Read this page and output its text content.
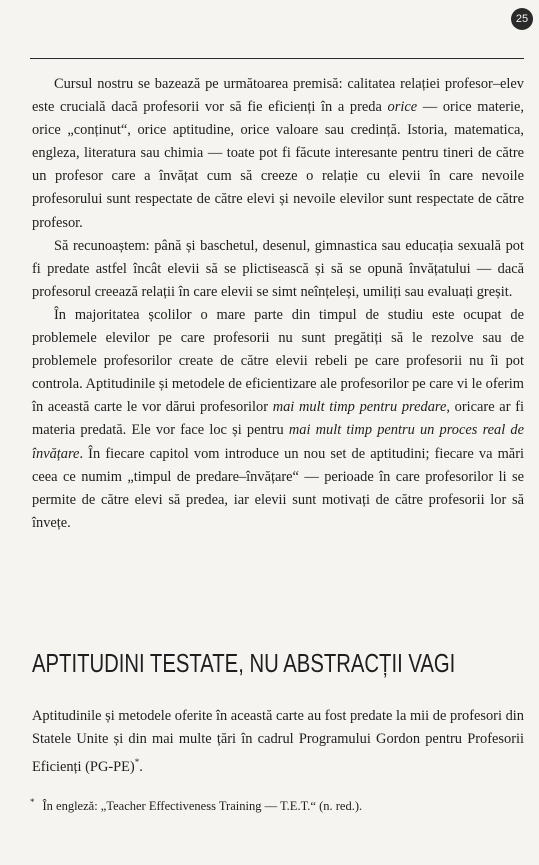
25

Cursul nostru se bazează pe următoarea premisă: calitatea relației profesor–elev este crucială dacă profesorii vor să fie eficienți în a preda orice — orice materie, orice „conținut“, orice aptitudine, orice valoare sau credință. Istoria, matematica, engleza, literatura sau chimia — toate pot fi făcute interesante pentru tineri de către un profesor care a învățat cum să creeze o relație cu elevii în care nevoile profesorului sunt respectate de către elevi și nevoile elevilor sunt respectate de către profesor.

Să recunoaștem: până și baschetul, desenul, gimnastica sau educația sexuală pot fi predate astfel încât elevii să se plictisească și să se opună învățatului — dacă profesorul creează relații în care elevii se simt neînțeleși, umiliți sau evaluați greșit.

În majoritatea școlilor o mare parte din timpul de studiu este ocupat de problemele elevilor pe care profesorii nu sunt pregătiți să le rezolve sau de problemele profesorilor create de către elevii rebeli pe care profesorii nu îi pot controla. Aptitudinile și metodele de eficientizare ale profesorilor pe care vi le oferim în această carte le vor dărui profesorilor mai mult timp pentru predare, oricare ar fi materia predată. Ele vor face loc și pentru mai mult timp pentru un proces real de învățare. În fiecare capitol vom introduce un nou set de aptitudini; fiecare va mări ceea ce numim „timpul de predare–învățare“ — perioade în care profesorilor li se permite de către elevi să predea, iar elevii sunt motivați de către profesorii lor să învețe.

APTITUDINI TESTATE, NU ABSTRACȚII VAGI

Aptitudinile și metodele oferite în această carte au fost predate la mii de profesori din Statele Unite și din mai multe țări în cadrul Programului Gordon pentru Profesorii Eficienți (PG-PE)*.

* În engleză: „Teacher Effectiveness Training — T.E.T.“ (n. red.).
